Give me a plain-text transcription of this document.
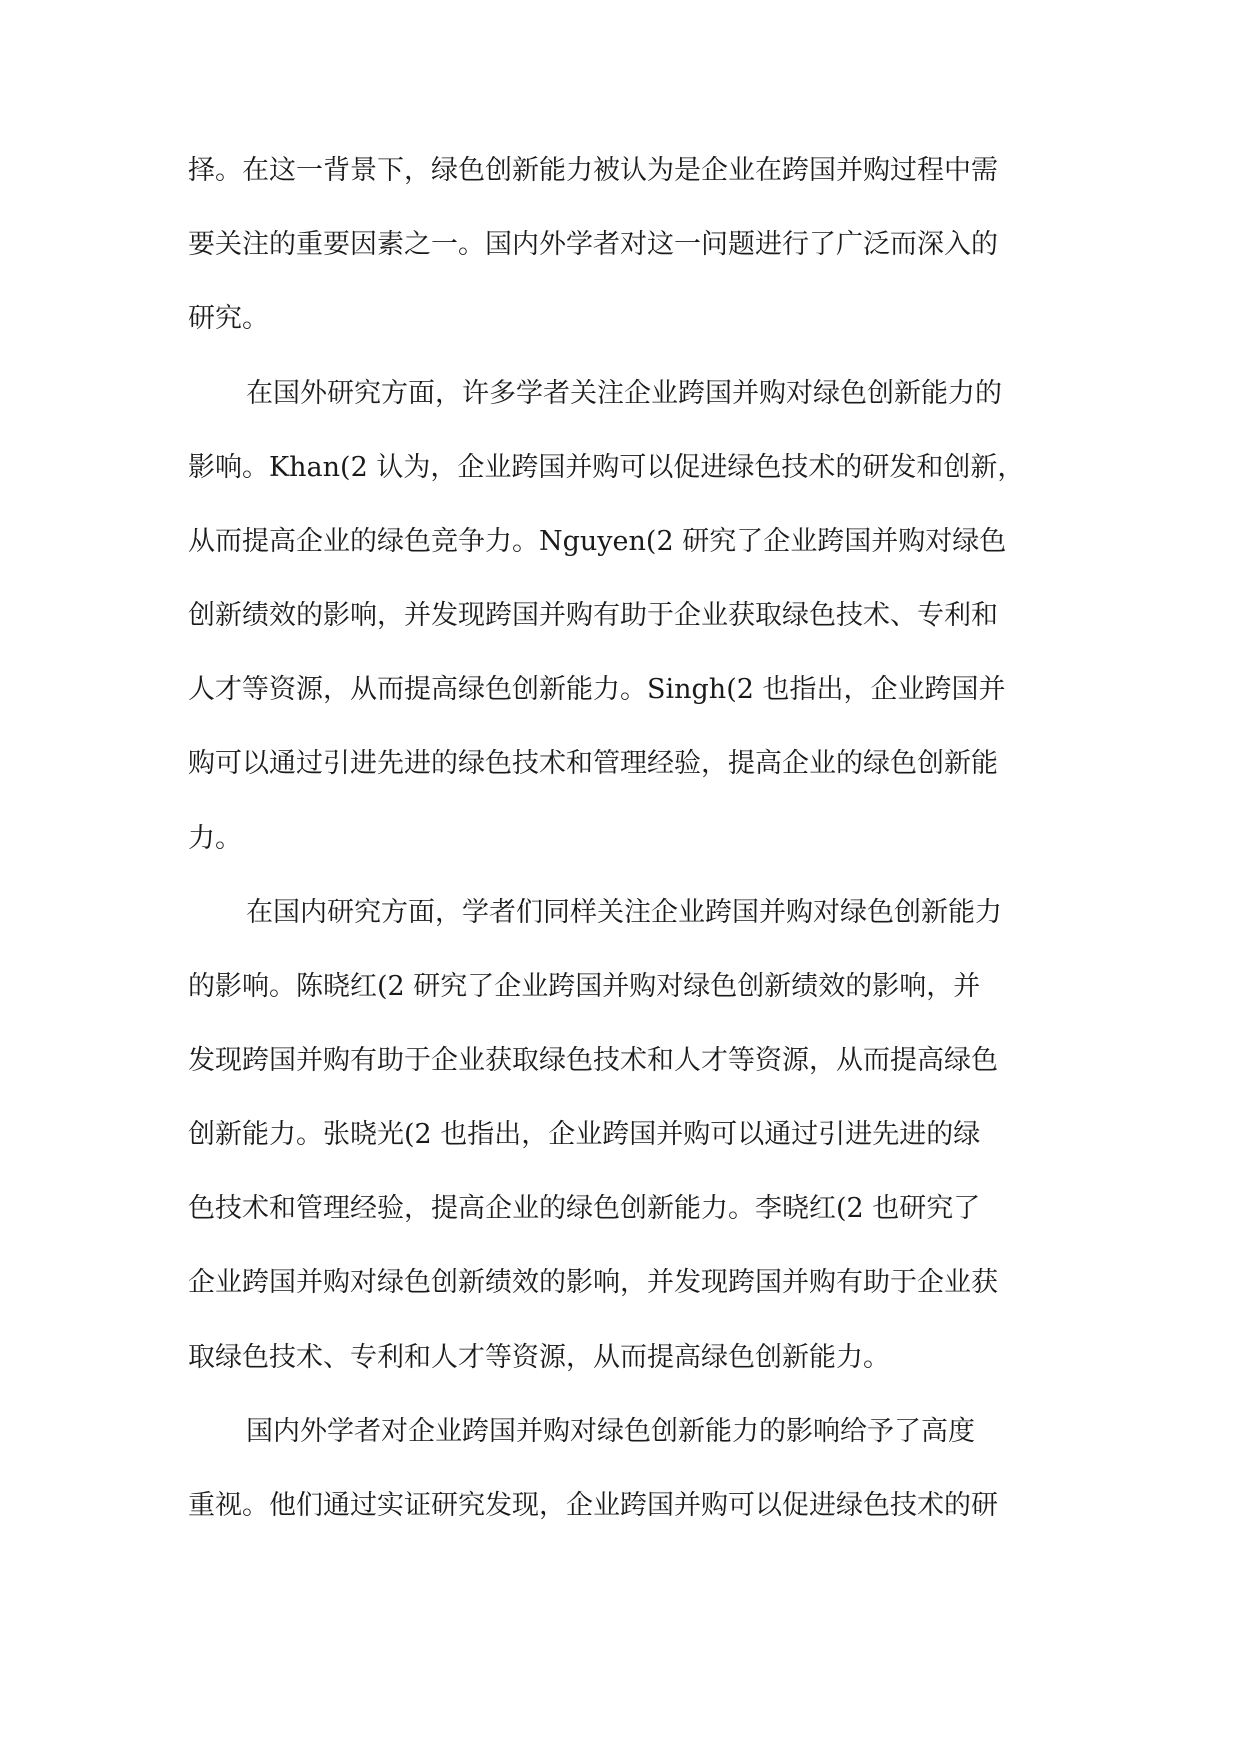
择。在这一背景下，绿色创新能力被认为是企业在跨国并购过程中需

要关注的重要因素之一。国内外学者对这一问题进行了广泛而深入的

研究。

在国外研究方面，许多学者关注企业跨国并购对绿色创新能力的

影响。Khan(2 认为，企业跨国并购可以促进绿色技术的研发和创新，

从而提高企业的绿色竞争力。Nguyen(2 研究了企业跨国并购对绿色

创新绩效的影响，并发现跨国并购有助于企业获取绿色技术、专利和

人才等资源，从而提高绿色创新能力。Singh(2 也指出，企业跨国并

购可以通过引进先进的绿色技术和管理经验，提高企业的绿色创新能

力。

在国内研究方面，学者们同样关注企业跨国并购对绿色创新能力

的影响。陈晓红(2 研究了企业跨国并购对绿色创新绩效的影响，并

发现跨国并购有助于企业获取绿色技术和人才等资源，从而提高绿色

创新能力。张晓光(2 也指出，企业跨国并购可以通过引进先进的绿

色技术和管理经验，提高企业的绿色创新能力。李晓红(2 也研究了

企业跨国并购对绿色创新绩效的影响，并发现跨国并购有助于企业获

取绿色技术、专利和人才等资源，从而提高绿色创新能力。

国内外学者对企业跨国并购对绿色创新能力的影响给予了高度

重视。他们通过实证研究发现，企业跨国并购可以促进绿色技术的研
